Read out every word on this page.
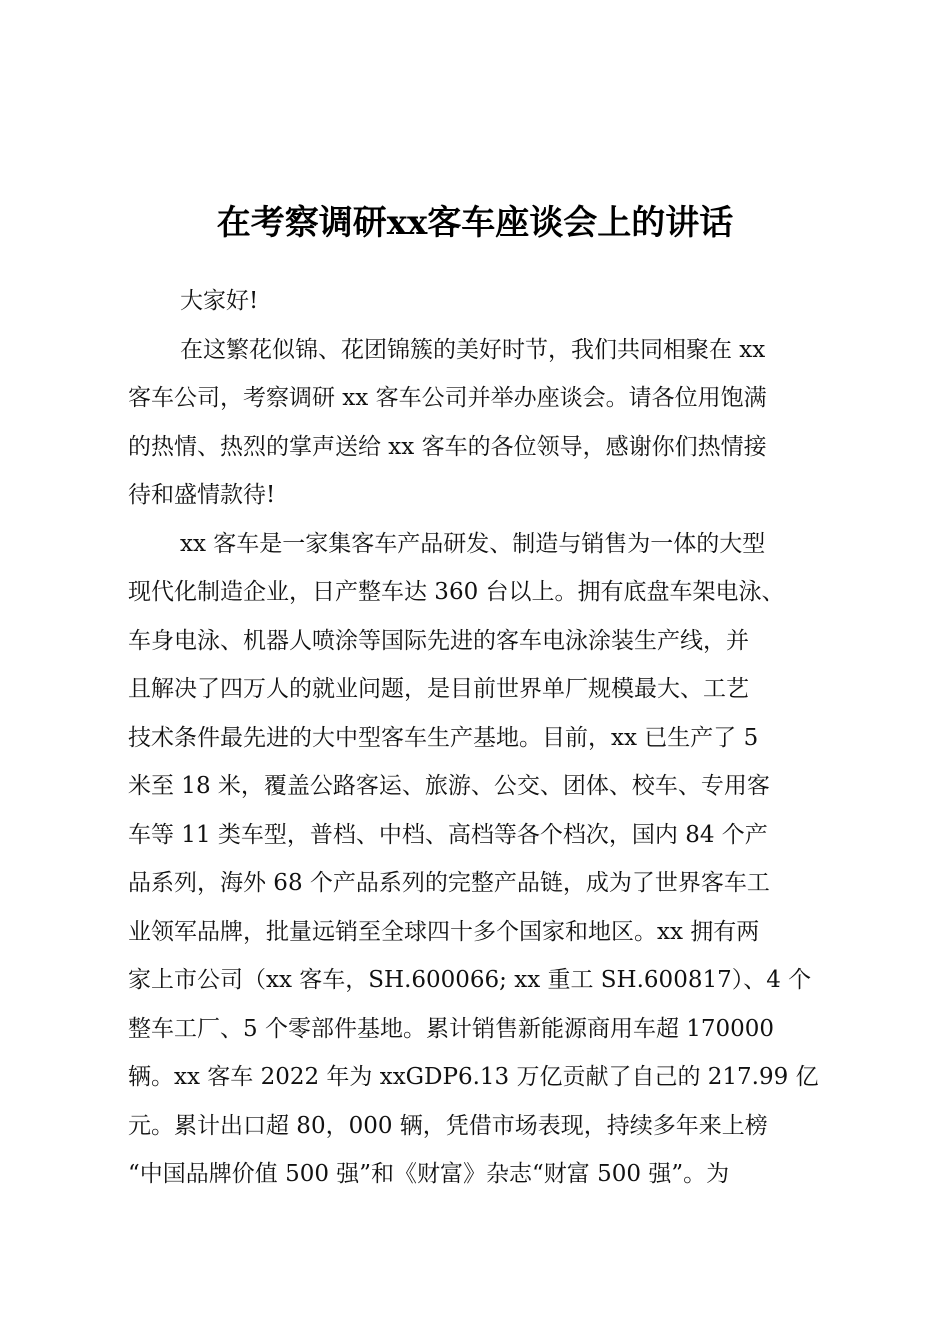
在考察调研xx客车座谈会上的讲话
大家好!
在这繁花似锦、花团锦簇的美好时节，我们共同相聚在 xx
客车公司，考察调研 xx 客车公司并举办座谈会。请各位用饱满
的热情、热烈的掌声送给 xx 客车的各位领导，感谢你们热情接
待和盛情款待!
xx 客车是一家集客车产品研发、制造与销售为一体的大型
现代化制造企业，日产整车达 360 台以上。拥有底盘车架电泳、
车身电泳、机器人喷涂等国际先进的客车电泳涂装生产线，并
且解决了四万人的就业问题，是目前世界单厂规模最大、工艺
技术条件最先进的大中型客车生产基地。目前，xx 已生产了 5
米至 18 米，覆盖公路客运、旅游、公交、团体、校车、专用客
车等 11 类车型，普档、中档、高档等各个档次，国内 84 个产
品系列，海外 68 个产品系列的完整产品链，成为了世界客车工
业领军品牌，批量远销至全球四十多个国家和地区。xx 拥有两
家上市公司（xx 客车，SH.600066; xx 重工 SH.600817）、4 个
整车工厂、5 个零部件基地。累计销售新能源商用车超 170000
辆。xx 客车 2022 年为 xxGDP6.13 万亿贡献了自己的 217.99 亿
元。累计出口超 80，000 辆，凭借市场表现，持续多年来上榜
“中国品牌价值 500 强”和《财富》杂志“财富 500 强”。为
